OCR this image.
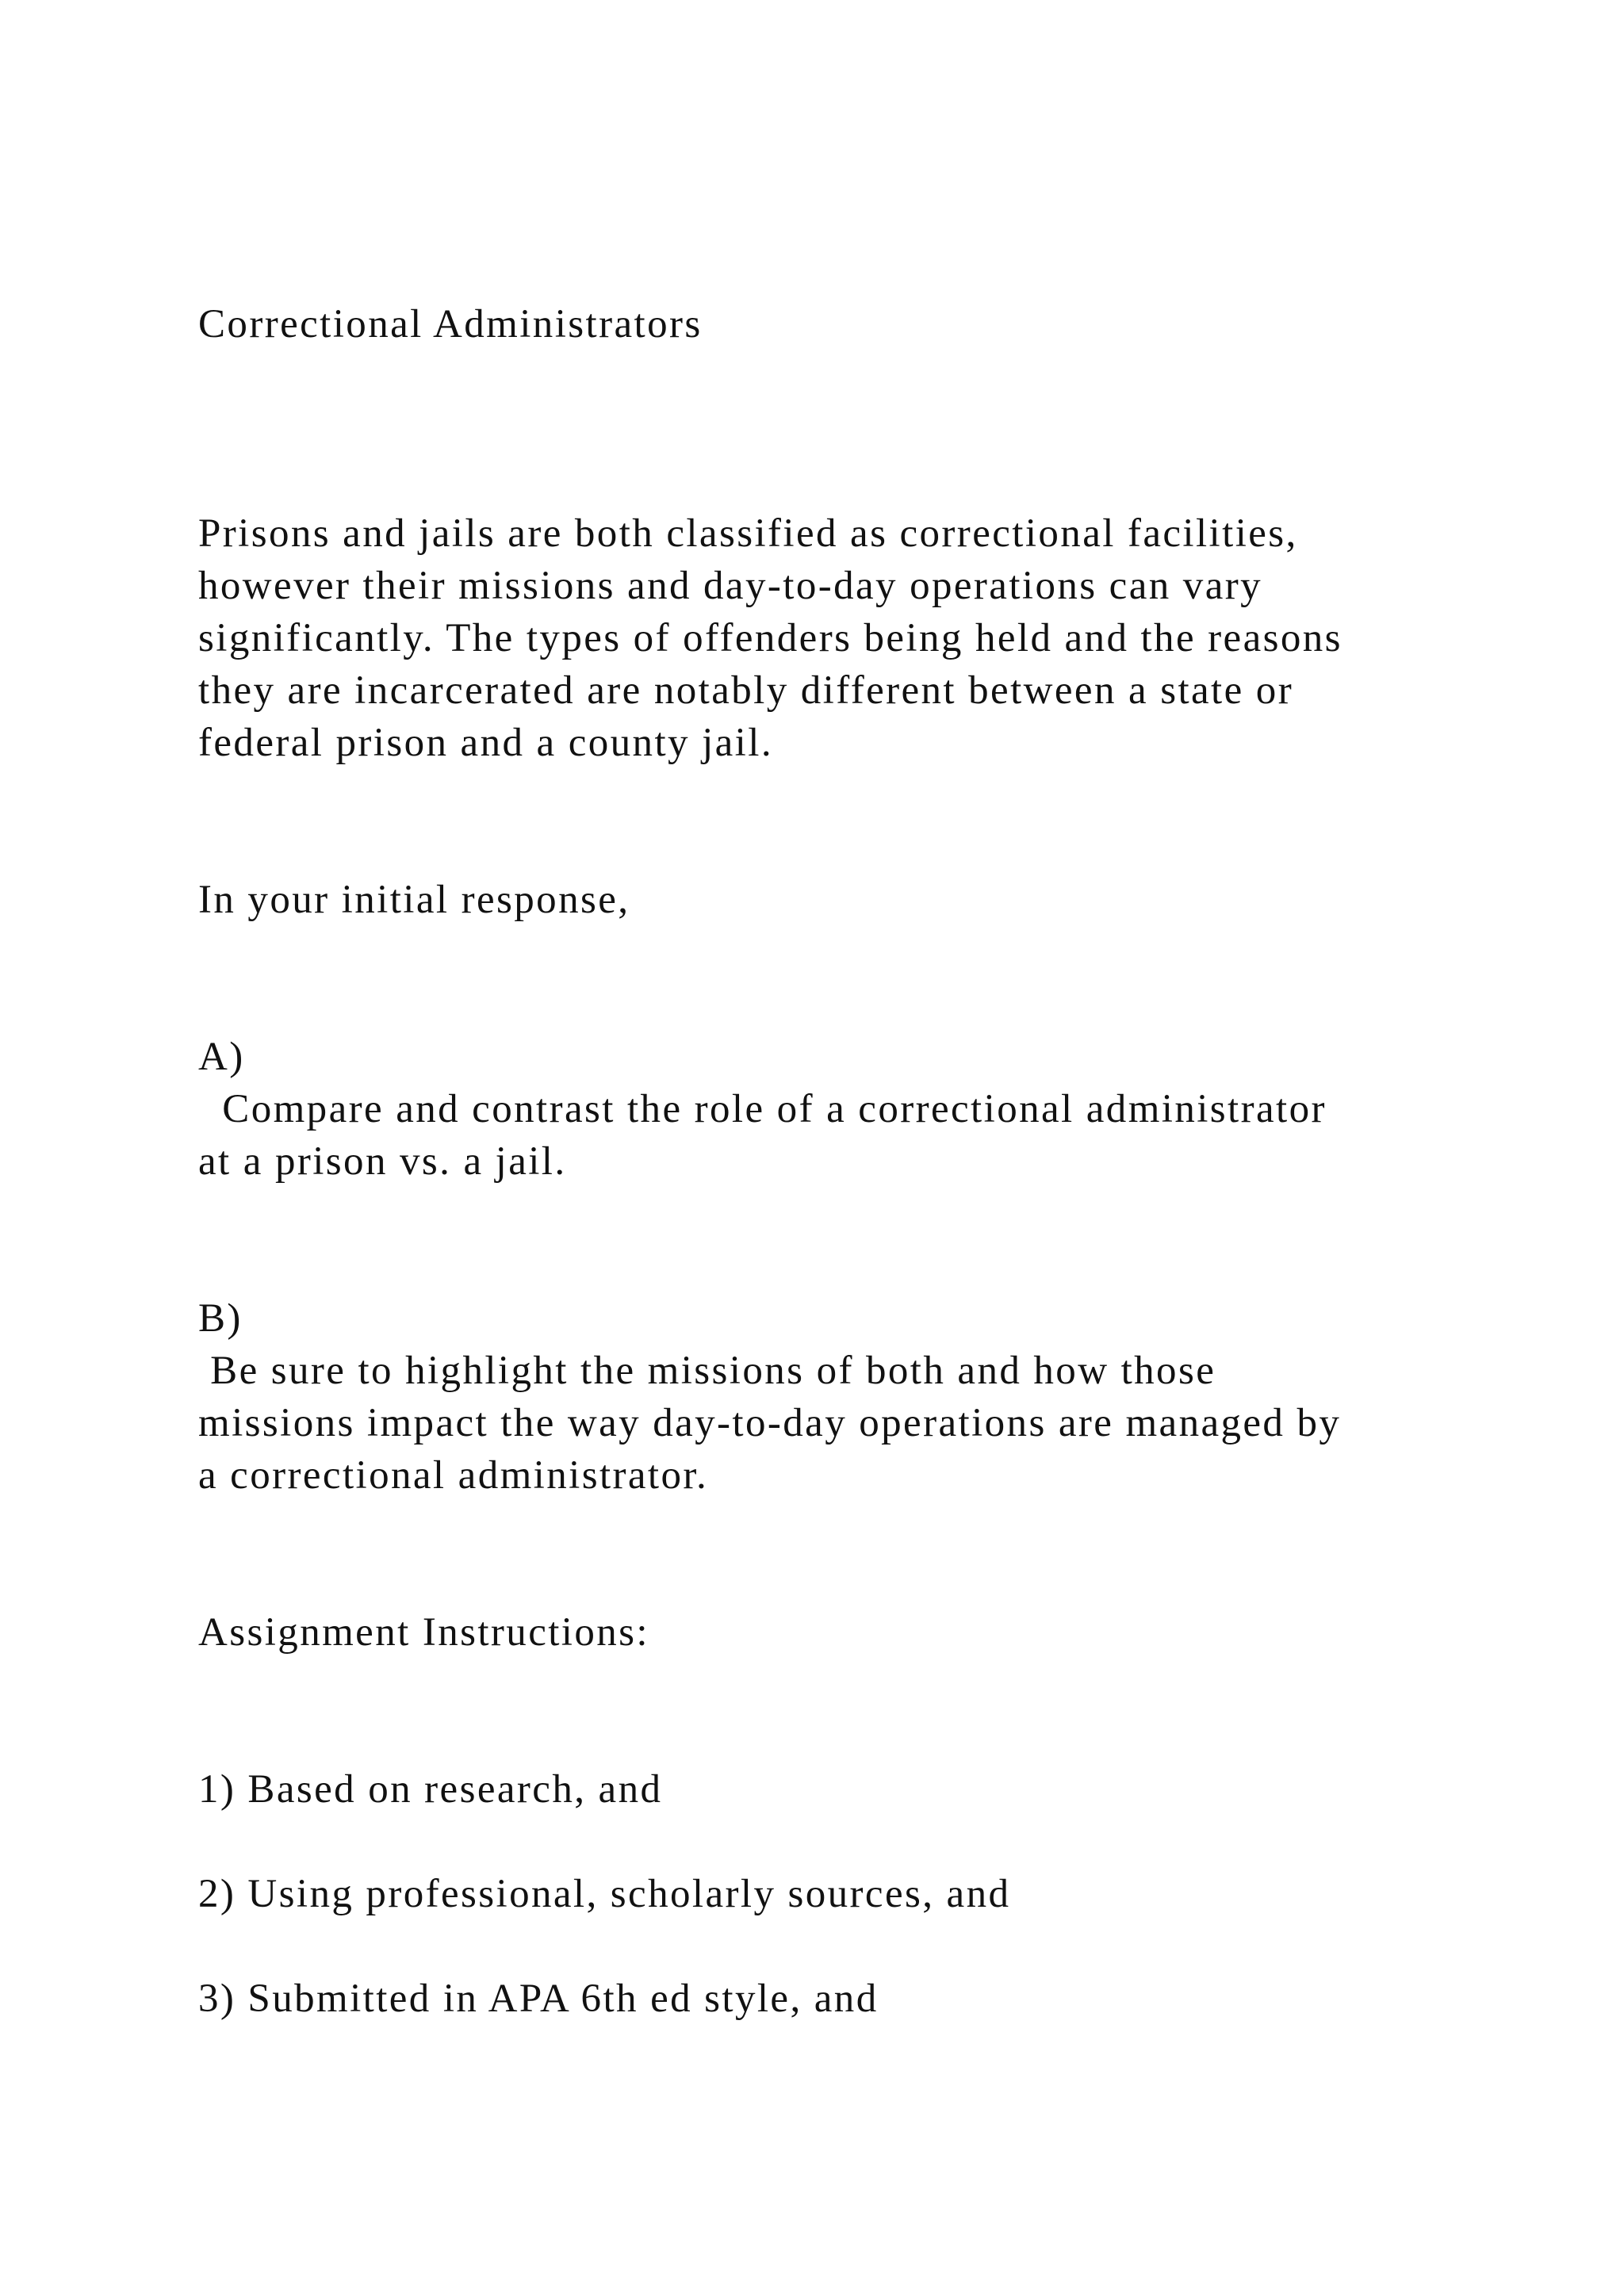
Correctional Administrators

Prisons and jails are both classified as correctional facilities,

however their missions and day-to-day operations can vary

significantly. The types of offenders being held and the reasons

they are incarcerated are notably different between a state or

federal prison and a county jail.

In your initial response,

A)

Compare and contrast the role of a correctional administrator

at a prison vs. a jail.

B)

Be sure to highlight the missions of both and how those

missions impact the way day-to-day operations are managed by

a correctional administrator.

Assignment Instructions:

1) Based on research, and

2) Using professional, scholarly sources, and

3) Submitted in APA 6th ed style, and
